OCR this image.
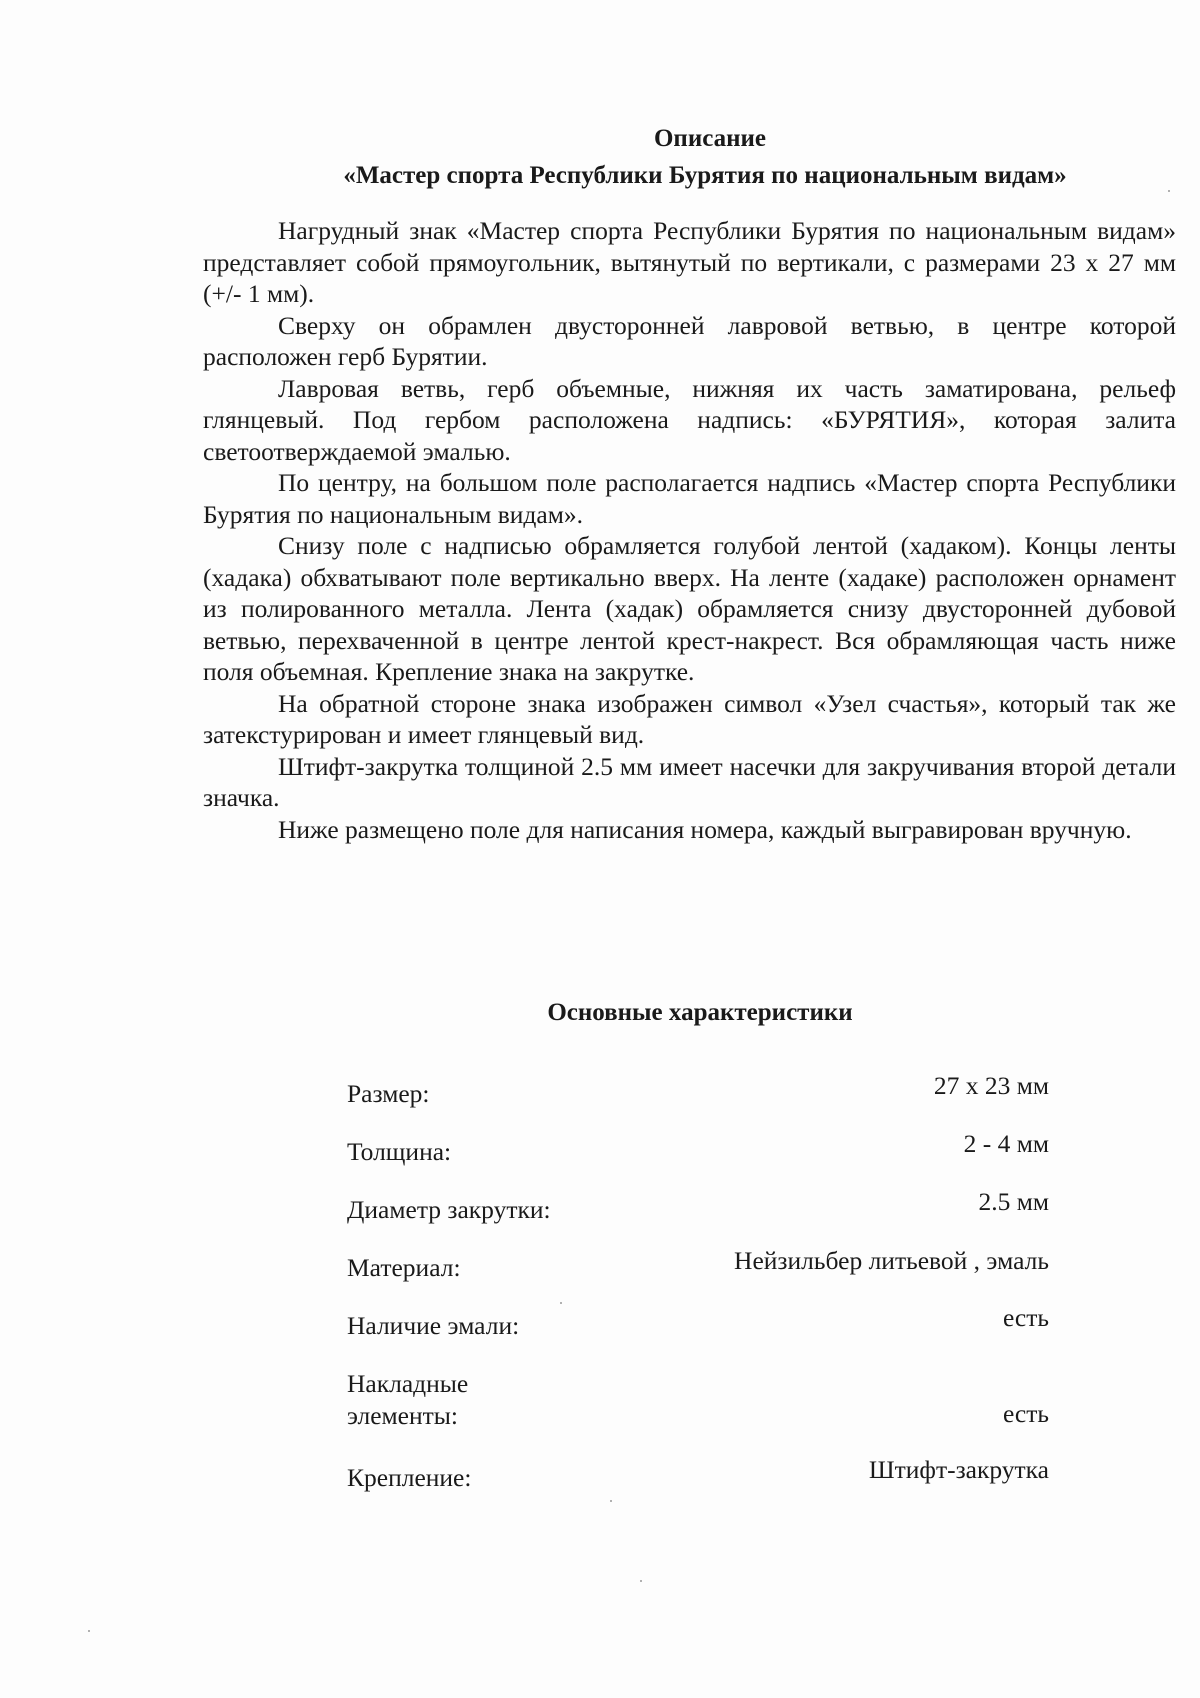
Описание
«Мастер спорта Республики Бурятия по национальным видам»

Нагрудный знак «Мастер спорта Республики Бурятия по национальным видам» представляет собой прямоугольник, вытянутый по вертикали, с размерами 23 х 27 мм (+/- 1 мм).

Сверху он обрамлен двусторонней лавровой ветвью, в центре которой расположен герб Бурятии.

Лавровая ветвь, герб объемные, нижняя их часть заматирована, рельеф глянцевый. Под гербом расположена надпись: «БУРЯТИЯ», которая залита светоотверждаемой эмалью.

По центру, на большом поле располагается надпись «Мастер спорта Республики Бурятия по национальным видам».

Снизу поле с надписью обрамляется голубой лентой (хадаком). Концы ленты (хадака) обхватывают поле вертикально вверх. На ленте (хадаке) расположен орнамент из полированного металла. Лента (хадак) обрамляется снизу двусторонней дубовой ветвью, перехваченной в центре лентой крест-накрест. Вся обрамляющая часть ниже поля объемная. Крепление знака на закрутке.

На обратной стороне знака изображен символ «Узел счастья», который так же затекстурирован и имеет глянцевый вид.

Штифт-закрутка толщиной 2.5 мм имеет насечки для закручивания второй детали значка.

Ниже размещено поле для написания номера, каждый выгравирован вручную.

Основные характеристики
Размер:	27 х 23 мм
Толщина:	2 - 4 мм
Диаметр закрутки:	2.5 мм
Материал:	Нейзильбер литьевой , эмаль
Наличие эмали:	есть
Накладные элементы:	есть
Крепление:	Штифт-закрутка
